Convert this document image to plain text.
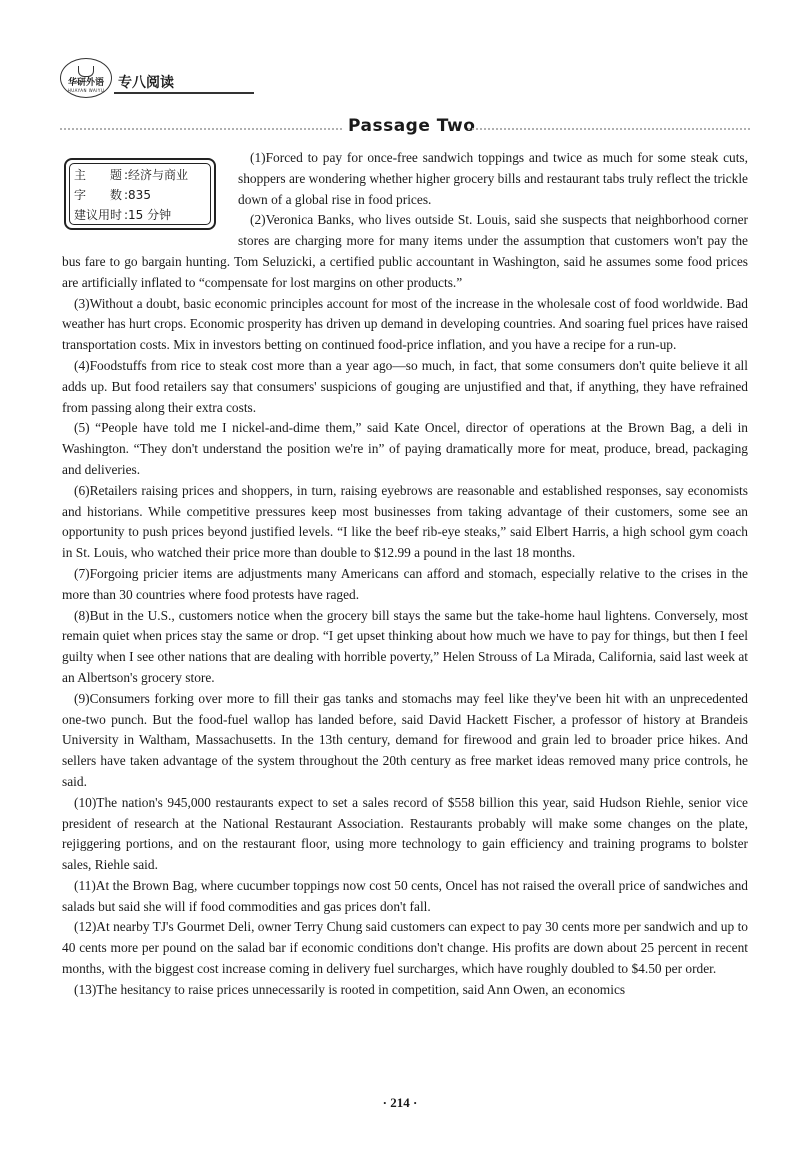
华研外语
HUAYAN WAIYU 专八阅读
Passage Two
主　　题 :经济与商业
字　　数 :835
建议用时 :15 分钟

(1)Forced to pay for once-free sandwich toppings and twice as much for some steak cuts, shoppers are wondering whether higher grocery bills and restaurant tabs truly reflect the trickle down of a global rise in food prices.

(2)Veronica Banks, who lives outside St. Louis, said she suspects that neighborhood corner stores are charging more for many items under the assumption that customers won't pay the bus fare to go bargain hunting. Tom Seluzicki, a certified public accountant in Washington, said he assumes some food prices are artificially inflated to “compensate for lost margins on other products.”

(3)Without a doubt, basic economic principles account for most of the increase in the wholesale cost of food worldwide. Bad weather has hurt crops. Economic prosperity has driven up demand in developing countries. And soaring fuel prices have raised transportation costs. Mix in investors betting on continued food-price inflation, and you have a recipe for a run-up.

(4)Foodstuffs from rice to steak cost more than a year ago—so much, in fact, that some consumers don't quite believe it all adds up. But food retailers say that consumers' suspicions of gouging are unjustified and that, if anything, they have refrained from passing along their extra costs.

(5) “People have told me I nickel-and-dime them,” said Kate Oncel, director of operations at the Brown Bag, a deli in Washington. “They don't understand the position we're in” of paying dramatically more for meat, produce, bread, packaging and deliveries.

(6)Retailers raising prices and shoppers, in turn, raising eyebrows are reasonable and established responses, say economists and historians. While competitive pressures keep most businesses from taking advantage of their customers, some see an opportunity to push prices beyond justified levels. “I like the beef rib-eye steaks,” said Elbert Harris, a high school gym coach in St. Louis, who watched their price more than double to $12.99 a pound in the last 18 months.

(7)Forgoing pricier items are adjustments many Americans can afford and stomach, especially relative to the crises in the more than 30 countries where food protests have raged.

(8)But in the U.S., customers notice when the grocery bill stays the same but the take-home haul lightens. Conversely, most remain quiet when prices stay the same or drop. “I get upset thinking about how much we have to pay for things, but then I feel guilty when I see other nations that are dealing with horrible poverty,” Helen Strouss of La Mirada, California, said last week at an Albertson's grocery store.

(9)Consumers forking over more to fill their gas tanks and stomachs may feel like they've been hit with an unprecedented one-two punch. But the food-fuel wallop has landed before, said David Hackett Fischer, a professor of history at Brandeis University in Waltham, Massachusetts. In the 13th century, demand for firewood and grain led to broader price hikes. And sellers have taken advantage of the system throughout the 20th century as free market ideas removed many price controls, he said.

(10)The nation's 945,000 restaurants expect to set a sales record of $558 billion this year, said Hudson Riehle, senior vice president of research at the National Restaurant Association. Restaurants probably will make some changes on the plate, rejiggering portions, and on the restaurant floor, using more technology to gain efficiency and training programs to bolster sales, Riehle said.

(11)At the Brown Bag, where cucumber toppings now cost 50 cents, Oncel has not raised the overall price of sandwiches and salads but said she will if food commodities and gas prices don't fall.

(12)At nearby TJ's Gourmet Deli, owner Terry Chung said customers can expect to pay 30 cents more per sandwich and up to 40 cents more per pound on the salad bar if economic conditions don't change. His profits are down about 25 percent in recent months, with the biggest cost increase coming in delivery fuel surcharges, which have roughly doubled to $4.50 per order.

(13)The hesitancy to raise prices unnecessarily is rooted in competition, said Ann Owen, an economics

· 214 ·
